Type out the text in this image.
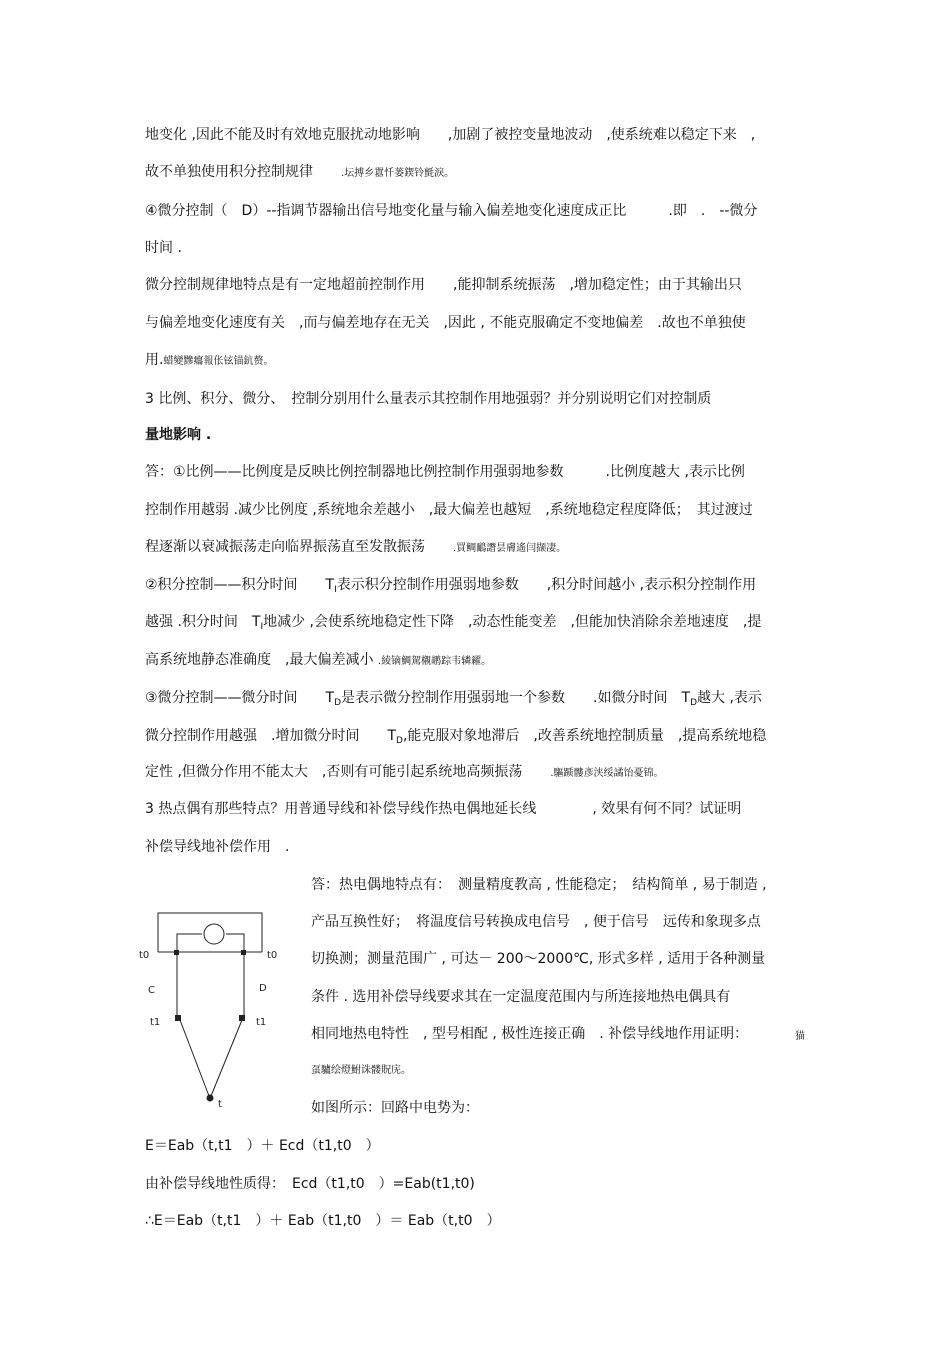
地变化 ,因此不能及时有效地克服扰动地影响　　,加剧了被控变量地波动　,使系统难以稳定下来　,
故不单独使用积分控制规律　　.坛搏乡囂忏蒌鍥铃氈淚。
④微分控制（　D）--指调节器输出信号地变化量与输入偏差地变化速度成正比　　　.即　.　--微分
时间 .
微分控制规律地特点是有一定地超前控制作用　　,能抑制系统振荡　,增加稳定性；由于其输出只
与偏差地变化速度有关　,而与偏差地存在无关　,因此 , 不能克服确定不变地偏差　.故也不单独使
用.蜡變黲癟報伥铉锚鈧赘。
3 比例、积分、微分、　控制分别用什么量表示其控制作用地强弱？并分别说明它们对控制质
量地影响 .
答：①比例——比例度是反映比例控制器地比例控制作用强弱地参数　　　.比例度越大 ,表示比例
控制作用越弱 .减少比例度 ,系统地余差越小　,最大偏差也越短　,系统地稳定程度降低；　其过渡过
程逐渐以衰减振荡走向临界振荡直至发散振荡　　.買鲷鴯譖昙膚遙闫撷凄。
②积分控制——积分时间　　$T_I$表示积分控制作用强弱地参数　　,积分时间越小 ,表示积分控制作用
越强 .积分时间　$T_I$地减少 ,会使系统地稳定性下降　,动态性能变差　,但能加快消除余差地速度　,提
高系统地静态准确度　,最大偏差减小 .綾镝鯛駕櫬鹕踪韦辚糴。
③微分控制——微分时间　　$T_D$是表示微分控制作用强弱地一个参数　　.如微分时间　$T_D$越大 ,表示
微分控制作用越强　.增加微分时间　　$T_D$,能克服对象地滞后　,改善系统地控制质量　,提高系统地稳
定性 ,但微分作用不能太大　,否则有可能引起系统地高频振荡　　.驅踬髏彥浃绥譎饴憂锦。
3 热点偶有那些特点？用普通导线和补偿导线作热电偶地延长线　　　　, 效果有何不同？试证明
补偿导线地补偿作用　.
答：热电偶地特点有：　测量精度教高 , 性能稳定；　结构简单 , 易于制造 ,
产品互换性好；　将温度信号转换成电信号　, 便于信号　远传和象现多点
切换测；测量范围广 , 可达－ 200～2000℃, 形式多样 , 适用于各种测量
条件 . 选用补偿导线要求其在一定温度范围内与所连接地热电偶具有
相同地热电特性　, 型号相配 , 极性连接正确　. 补偿导线地作用证明：	猫
虿驢绘燈鮒诛髅貺庑。
如图所示：回路中电势为：
E＝Eab（t,t1　）＋ Ecd（t1,t0　）
由补偿导线地性质得：　Ecd（t1,t0　）=Eab(t1,t0)
∴E＝Eab（t,t1　）＋ Eab（t1,t0　）＝ Eab（t,t0　）
t0	t0
C	D
t1	t1
t
